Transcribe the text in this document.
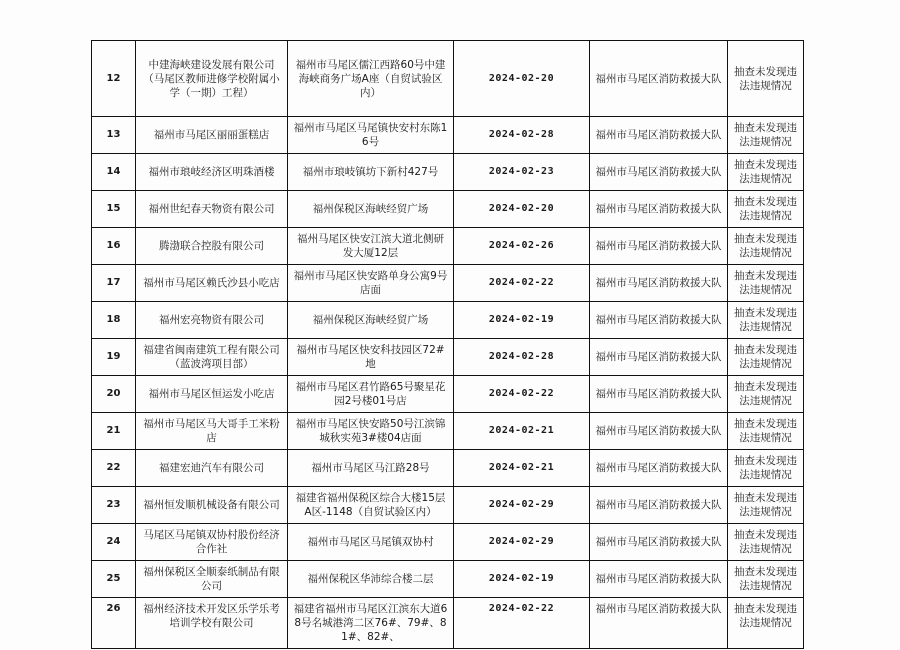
12	中建海峡建设发展有限公司（马尾区教师进修学校附属小学（一期）工程）	福州市马尾区儒江西路60号中建海峡商务广场A座（自贸试验区内）	2024-02-20	福州市马尾区消防救援大队	抽查未发现违法违规情况
13	福州市马尾区丽丽蛋糕店	福州市马尾区马尾镇快安村东陈16号	2024-02-28	福州市马尾区消防救援大队	抽查未发现违法违规情况
14	福州市琅岐经济区明珠酒楼	福州市琅岐镇坊下新村427号	2024-02-23	福州市马尾区消防救援大队	抽查未发现违法违规情况
15	福州世纪春天物资有限公司	福州保税区海峡经贸广场	2024-02-20	福州市马尾区消防救援大队	抽查未发现违法违规情况
16	腾渤联合控股有限公司	福州马尾区快安江滨大道北侧研发大厦12层	2024-02-26	福州市马尾区消防救援大队	抽查未发现违法违规情况
17	福州市马尾区赖氏沙县小吃店	福州市马尾区快安路单身公寓9号店面	2024-02-22	福州市马尾区消防救援大队	抽查未发现违法违规情况
18	福州宏亮物资有限公司	福州保税区海峡经贸广场	2024-02-19	福州市马尾区消防救援大队	抽查未发现违法违规情况
19	福建省闽南建筑工程有限公司（蓝波湾项目部）	福州市马尾区快安科技园区72#地	2024-02-28	福州市马尾区消防救援大队	抽查未发现违法违规情况
20	福州市马尾区恒运发小吃店	福州市马尾区君竹路65号聚星花园2号楼01号店	2024-02-22	福州市马尾区消防救援大队	抽查未发现违法违规情况
21	福州市马尾区马大哥手工米粉店	福州市马尾区快安路50号江滨锦城秋实苑3#楼04店面	2024-02-21	福州市马尾区消防救援大队	抽查未发现违法违规情况
22	福建宏迪汽车有限公司	福州市马尾区马江路28号	2024-02-21	福州市马尾区消防救援大队	抽查未发现违法违规情况
23	福州恒发顺机械设备有限公司	福建省福州保税区综合大楼15层A区-1148（自贸试验区内）	2024-02-29	福州市马尾区消防救援大队	抽查未发现违法违规情况
24	马尾区马尾镇双协村股份经济合作社	福州市马尾区马尾镇双协村	2024-02-29	福州市马尾区消防救援大队	抽查未发现违法违规情况
25	福州保税区全顺泰纸制品有限公司	福州保税区华沛综合楼二层	2024-02-19	福州市马尾区消防救援大队	抽查未发现违法违规情况
26	福州经济技术开发区乐学乐考培训学校有限公司	福建省福州市马尾区江滨东大道68号名城港湾二区76#、79#、81#、82#、	2024-02-22	福州市马尾区消防救援大队	抽查未发现违法违规情况
